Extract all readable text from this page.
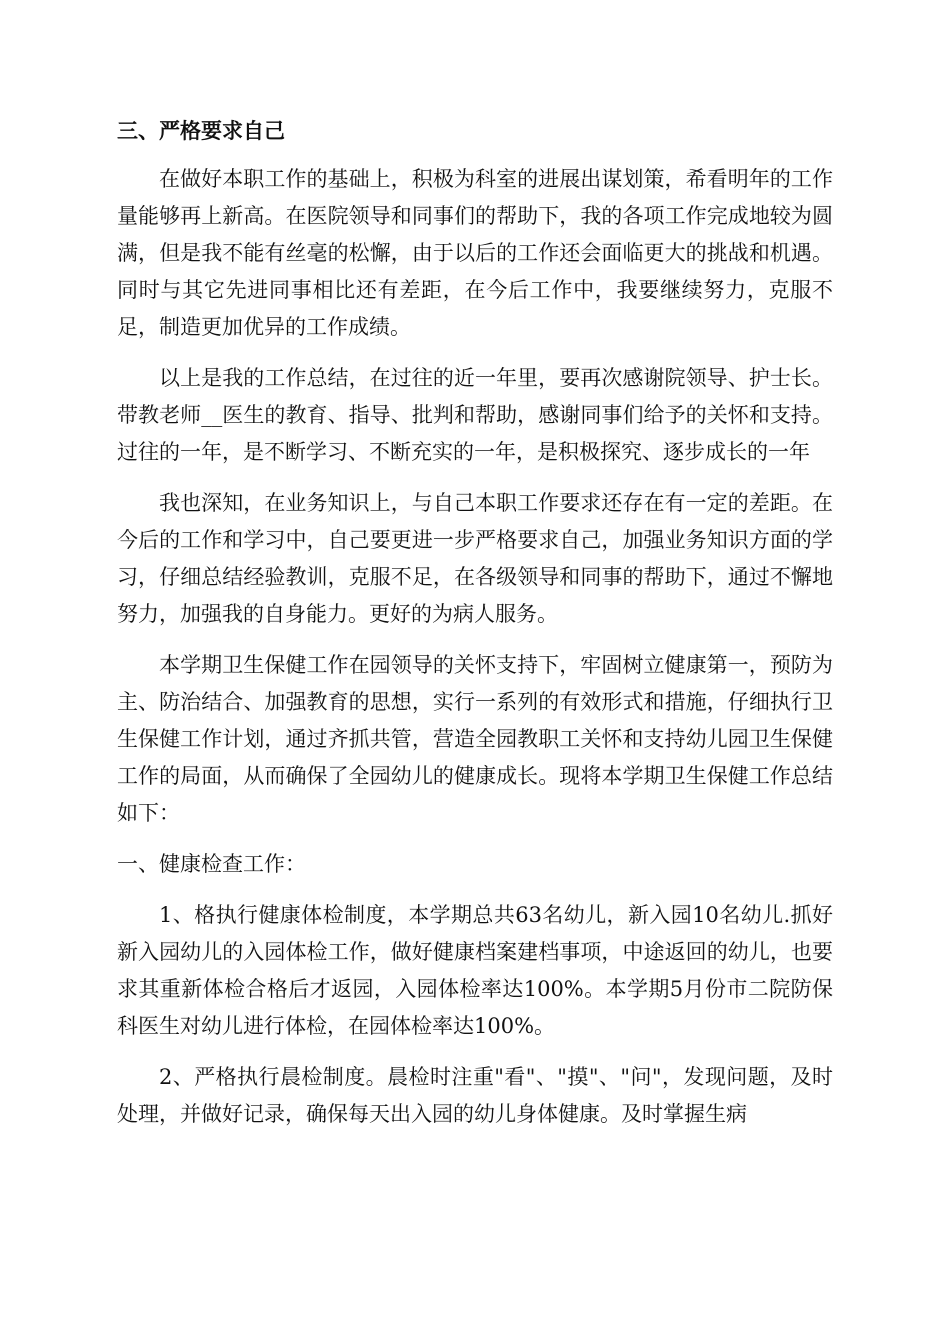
三、严格要求自己

在做好本职工作的基础上，积极为科室的进展出谋划策，希看明年的工作量能够再上新高。在医院领导和同事们的帮助下，我的各项工作完成地较为圆满，但是我不能有丝毫的松懈，由于以后的工作还会面临更大的挑战和机遇。同时与其它先进同事相比还有差距，在今后工作中，我要继续努力，克服不足，制造更加优异的工作成绩。

以上是我的工作总结，在过往的近一年里，要再次感谢院领导、护士长。带教老师__医生的教育、指导、批判和帮助，感谢同事们给予的关怀和支持。过往的一年，是不断学习、不断充实的一年，是积极探究、逐步成长的一年

我也深知，在业务知识上，与自己本职工作要求还存在有一定的差距。在今后的工作和学习中，自己要更进一步严格要求自己，加强业务知识方面的学习，仔细总结经验教训，克服不足，在各级领导和同事的帮助下，通过不懈地努力，加强我的自身能力。更好的为病人服务。

本学期卫生保健工作在园领导的关怀支持下，牢固树立健康第一，预防为主、防治结合、加强教育的思想，实行一系列的有效形式和措施，仔细执行卫生保健工作计划，通过齐抓共管，营造全园教职工关怀和支持幼儿园卫生保健工作的局面，从而确保了全园幼儿的健康成长。现将本学期卫生保健工作总结如下：

一、健康检查工作：

1、格执行健康体检制度，本学期总共63名幼儿，新入园10名幼儿.抓好新入园幼儿的入园体检工作，做好健康档案建档事项，中途返回的幼儿，也要求其重新体检合格后才返园，入园体检率达100%。本学期5月份市二院防保科医生对幼儿进行体检，在园体检率达100%。

2、严格执行晨检制度。晨检时注重"看"、"摸"、"问"，发现问题，及时处理，并做好记录，确保每天出入园的幼儿身体健康。及时掌握生病
